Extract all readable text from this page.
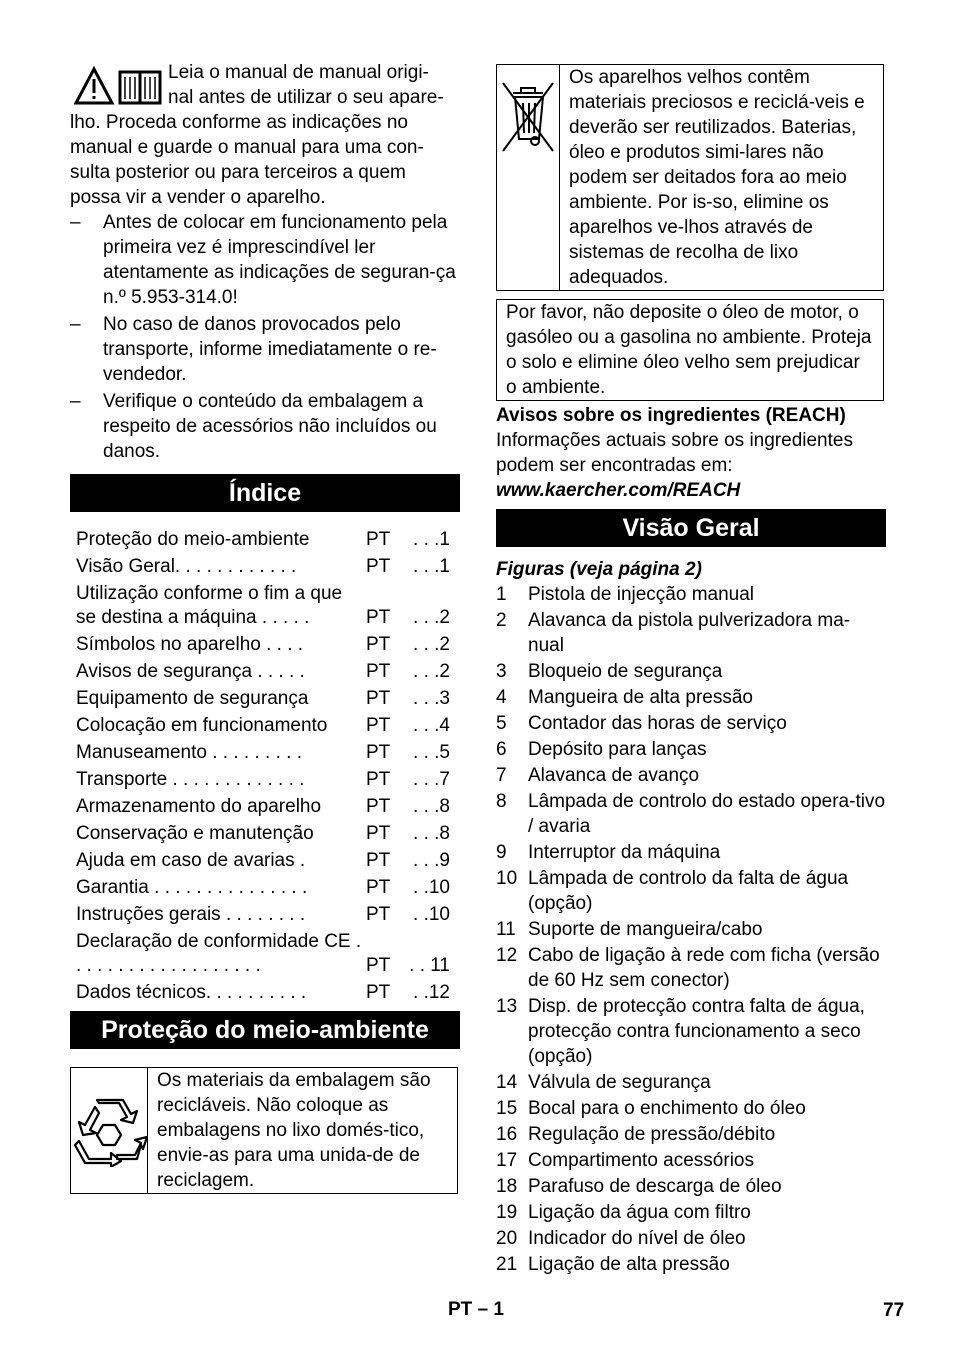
Leia o manual de manual origi-

nal antes de utilizar o seu apare-

lho. Proceda conforme as indicações no manual e guarde o manual para uma con-sulta posterior ou para terceiros a quem possa vir a vender o aparelho.

– Antes de colocar em funcionamento pela primeira vez é imprescindível ler atentamente as indicações de seguran-ça n.º 5.953-314.0!
– No caso de danos provocados pelo transporte, informe imediatamente o re-vendedor.
– Verifique o conteúdo da embalagem a respeito de acessórios não incluídos ou danos.
Índice
Proteção do meio-ambiente	PT	. . .1
Visão Geral. . . . . . . . . . . .	PT	. . .1
Utilização conforme o fim a que se destina a máquina . . . . .	PT	. . .2
Símbolos no aparelho . . . .	PT	. . .2
Avisos de segurança . . . . .	PT	. . .2
Equipamento de segurança	PT	. . .3
Colocação em funcionamento	PT	. . .4
Manuseamento . . . . . . . . .	PT	. . .5
Transporte . . . . . . . . . . . . .	PT	. . .7
Armazenamento do aparelho	PT	. . .8
Conservação e manutenção	PT	. . .8
Ajuda em caso de avarias .	PT	. . .9
Garantia . . . . . . . . . . . . . . .	PT	. .10
Instruções gerais . . . . . . . .	PT	. .10
Declaração de conformidade CE . . . . . . . . . . . . . . . . . . .	PT . . 11
Dados técnicos. . . . . . . . . .	PT	. .12
Proteção do meio-ambiente
Os materiais da embalagem são recicláveis. Não coloque as embalagens no lixo domés-tico, envie-as para uma unida-de de reciclagem.
Os aparelhos velhos contêm materiais preciosos e reciclá-veis e deverão ser reutilizados. Baterias, óleo e produtos simi-lares não podem ser deitados fora ao meio ambiente. Por is-so, elimine os aparelhos ve-lhos através de sistemas de recolha de lixo adequados.
Por favor, não deposite o óleo de motor, o gasóleo ou a gasolina no ambiente. Proteja o solo e elimine óleo velho sem prejudicar o ambiente.

Avisos sobre os ingredientes (REACH)

Informações actuais sobre os ingredientes podem ser encontradas em:

www.kaercher.com/REACH

Visão Geral

Figuras (veja página 2)

1 Pistola de injecção manual
2 Alavanca da pistola pulverizadora ma-nual
3 Bloqueio de segurança
4 Mangueira de alta pressão
5 Contador das horas de serviço
6 Depósito para lanças
7 Alavanca de avanço
8 Lâmpada de controlo do estado opera-tivo / avaria
9 Interruptor da máquina
10 Lâmpada de controlo da falta de água (opção)
11 Suporte de mangueira/cabo
12 Cabo de ligação à rede com ficha (versão de 60 Hz sem conector)
13 Disp. de protecção contra falta de água, protecção contra funcionamento a seco (opção)
14 Válvula de segurança
15 Bocal para o enchimento do óleo
16 Regulação de pressão/débito
17 Compartimento acessórios
18 Parafuso de descarga de óleo
19 Ligação da água com filtro
20 Indicador do nível de óleo
21 Ligação de alta pressão
PT – 1	77
